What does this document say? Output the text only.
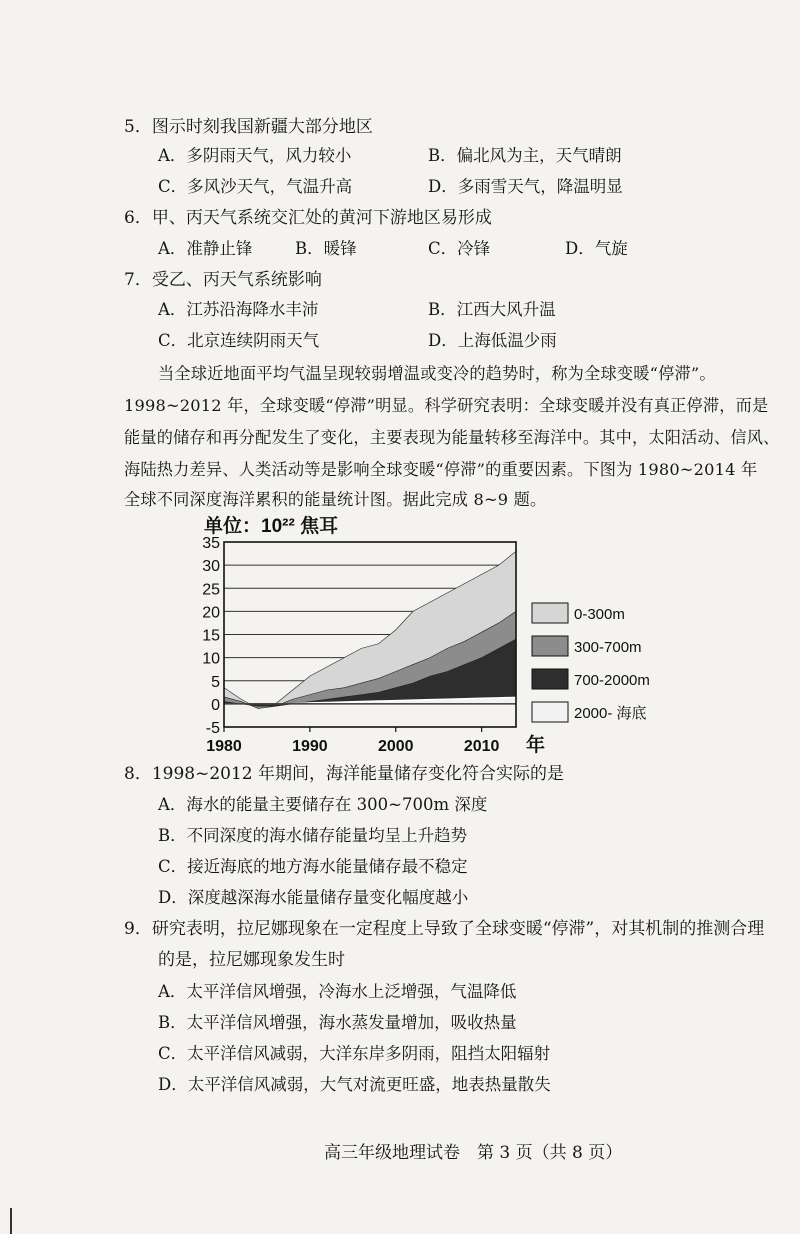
5．图示时刻我国新疆大部分地区
A．多阴雨天气，风力较小	B．偏北风为主，天气晴朗
C．多风沙天气，气温升高	D．多雨雪天气，降温明显
6．甲、丙天气系统交汇处的黄河下游地区易形成
A．准静止锋	B．暖锋	C．冷锋	D．气旋
7．受乙、丙天气系统影响
A．江苏沿海降水丰沛	B．江西大风升温
C．北京连续阴雨天气	D．上海低温少雨
当全球近地面平均气温呈现较弱增温或变冷的趋势时，称为全球变暖“停滞”。
1998~2012 年，全球变暖“停滞”明显。科学研究表明：全球变暖并没有真正停滞，而是
能量的储存和再分配发生了变化，主要表现为能量转移至海洋中。其中，太阳活动、信风、
海陆热力差异、人类活动等是影响全球变暖“停滞”的重要因素。下图为 1980~2014 年
全球不同深度海洋累积的能量统计图。据此完成 8~9 题。
单位：10²² 焦耳
35
30
25
20
15
10
5
0
-5
1980	1990	2000	2010 年
0-300m
300-700m
700-2000m
2000- 海底
8．1998~2012 年期间，海洋能量储存变化符合实际的是
A．海水的能量主要储存在 300~700m 深度
B．不同深度的海水储存能量均呈上升趋势
C．接近海底的地方海水能量储存最不稳定
D．深度越深海水能量储存量变化幅度越小
9．研究表明，拉尼娜现象在一定程度上导致了全球变暖“停滞”，对其机制的推测合理
的是，拉尼娜现象发生时
A．太平洋信风增强，冷海水上泛增强，气温降低
B．太平洋信风增强，海水蒸发量增加，吸收热量
C．太平洋信风减弱，大洋东岸多阴雨，阻挡太阳辐射
D．太平洋信风减弱，大气对流更旺盛，地表热量散失
高三年级地理试卷　第 3 页（共 8 页）
